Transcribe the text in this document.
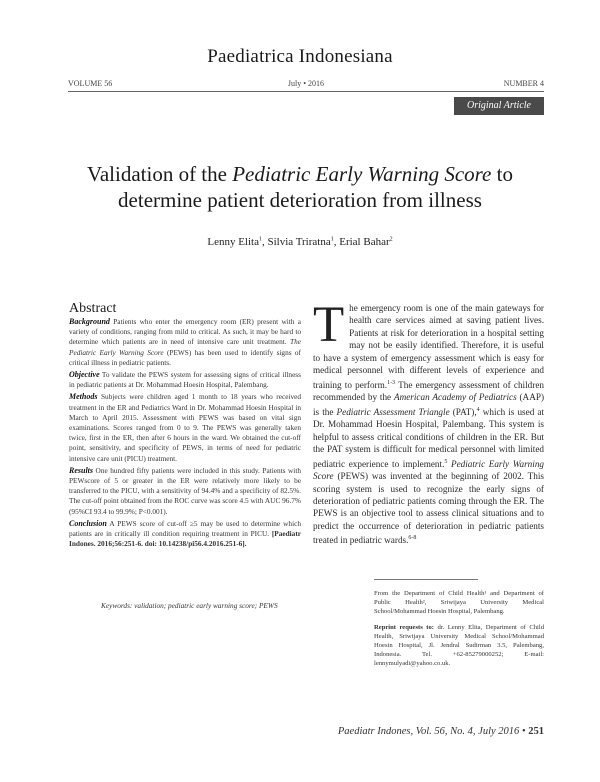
Paediatrica Indonesiana
VOLUME 56	July • 2016	NUMBER 4
Original Article
Validation of the Pediatric Early Warning Score to
determine patient deterioration from illness
Lenny Elita$^1$, Silvia Triratna$^1$, Erial Bahar$^2$
Abstract

Background Patients who enter the emergency room (ER) present with a variety of conditions, ranging from mild to critical. As such, it may be hard to determine which patients are in need of intensive care unit treatment. The Pediatric Early Warning Score (PEWS) has been used to identify signs of critical illness in pediatric patients.

Objective To validate the PEWS system for assessing signs of critical illness in pediatric patients at Dr. Mohammad Hoesin Hospital, Palembang.

Methods Subjects were children aged 1 month to 18 years who received treatment in the ER and Pediatrics Ward in Dr. Mohammad Hoesin Hospital in March to April 2015. Assessment with PEWS was based on vital sign examinations. Scores ranged from 0 to 9. The PEWS was generally taken twice, first in the ER, then after 6 hours in the ward. We obtained the cut-off point, sensitivity, and specificity of PEWS, in terms of need for pediatric intensive care unit (PICU) treatment.

Results One hundred fifty patients were included in this study. Patients with PEWscore of 5 or greater in the ER were relatively more likely to be transferred to the PICU, with a sensitivity of 94.4% and a specificity of 82.5%. The cut-off point obtained from the ROC curve was score 4.5 with AUC 96.7% (95%CI 93.4 to 99.9%; P<0.001).

Conclusion A PEWS score of cut-off ≥5 may be used to determine which patients are in critically ill condition requiring treatment in PICU. [Paediatr Indones. 2016;56:251-6. doi: 10.14238/pi56.4.2016.251-6].

Keywords: validation; pediatric early warning score; PEWS
The emergency room is one of the main gateways for health care services aimed at saving patient lives. Patients at risk for deterioration in a hospital setting may not be easily identified. Therefore, it is useful to have a system of emergency assessment which is easy for medical personnel with different levels of experience and training to perform.$^{1-3}$ The emergency assessment of children recommended by the American Academy of Pediatrics (AAP) is the Pediatric Assessment Triangle (PAT),$^4$ which is used at Dr. Mohammad Hoesin Hospital, Palembang. This system is helpful to assess critical conditions of children in the ER. But the PAT system is difficult for medical personnel with limited pediatric experience to implement.$^5$ Pediatric Early Warning Score (PEWS) was invented at the beginning of 2002. This scoring system is used to recognize the early signs of deterioration of pediatric patients coming through the ER. The PEWS is an objective tool to assess clinical situations and to predict the occurrence of deterioration in pediatric patients treated in pediatric wards.$^{6-8}$

From the Department of Child Health¹ and Department of Public Health², Sriwijaya University Medical School/Mohammad Hoesin Hospital, Palembang.

Reprint requests to: dr. Lenny Elita, Department of Child Health, Sriwijaya University Medical School/Mohammad Hoesin Hospital, Jl. Jendral Sudirman 3.5, Palembang, Indonesia. Tel. +62-85279000252; E-mail: lennymulyadi@yahoo.co.uk.

Paediatr Indones, Vol. 56, No. 4, July 2016 • 251
